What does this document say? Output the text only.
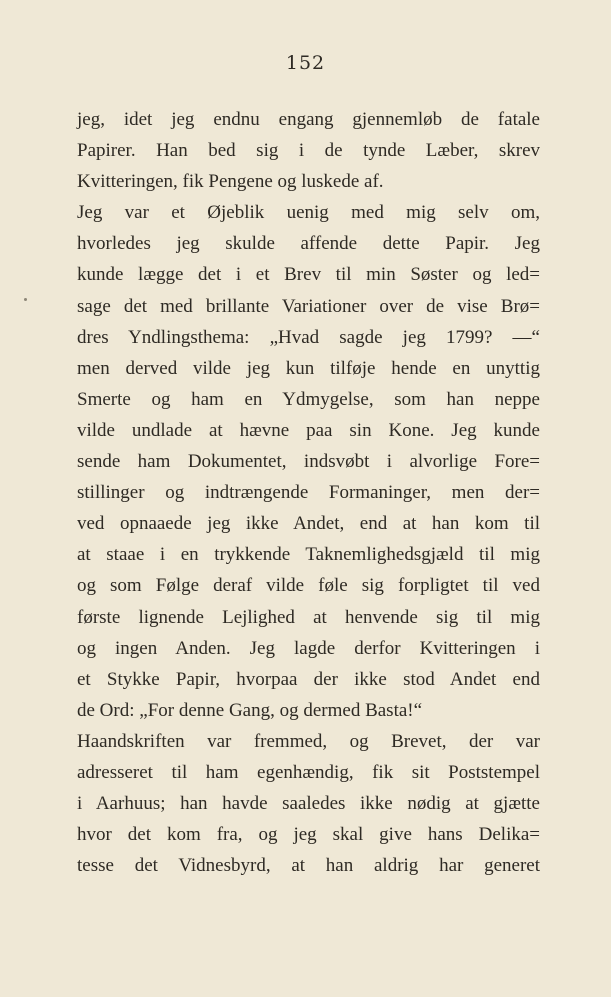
152
jeg, idet jeg endnu engang gjennemløb de fatale
Papirer. Han bed sig i de tynde Læber, skrev
Kvitteringen, fik Pengene og luskede af.
Jeg var et Øjeblik uenig med mig selv om,
hvorledes jeg skulde affende dette Papir. Jeg
kunde lægge det i et Brev til min Søster og led=
sage det med brillante Variationer over de vise Brø=
dres Yndlingsthema: „Hvad sagde jeg 1799? —“
men derved vilde jeg kun tilføje hende en unyttig
Smerte og ham en Ydmygelse, som han neppe
vilde undlade at hævne paa sin Kone. Jeg kunde
sende ham Dokumentet, indsvøbt i alvorlige Fore=
stillinger og indtrængende Formaninger, men der=
ved opnaaede jeg ikke Andet, end at han kom til
at staae i en trykkende Taknemlighedsgjæld til mig
og som Følge deraf vilde føle sig forpligtet til ved
første lignende Lejlighed at henvende sig til mig
og ingen Anden. Jeg lagde derfor Kvitteringen i
et Stykke Papir, hvorpaa der ikke stod Andet end
de Ord: „For denne Gang, og dermed Basta!“
Haandskriften var fremmed, og Brevet, der var
adresseret til ham egenhændig, fik sit Poststempel
i Aarhuus; han havde saaledes ikke nødig at gjætte
hvor det kom fra, og jeg skal give hans Delika=
tesse det Vidnesbyrd, at han aldrig har generet
